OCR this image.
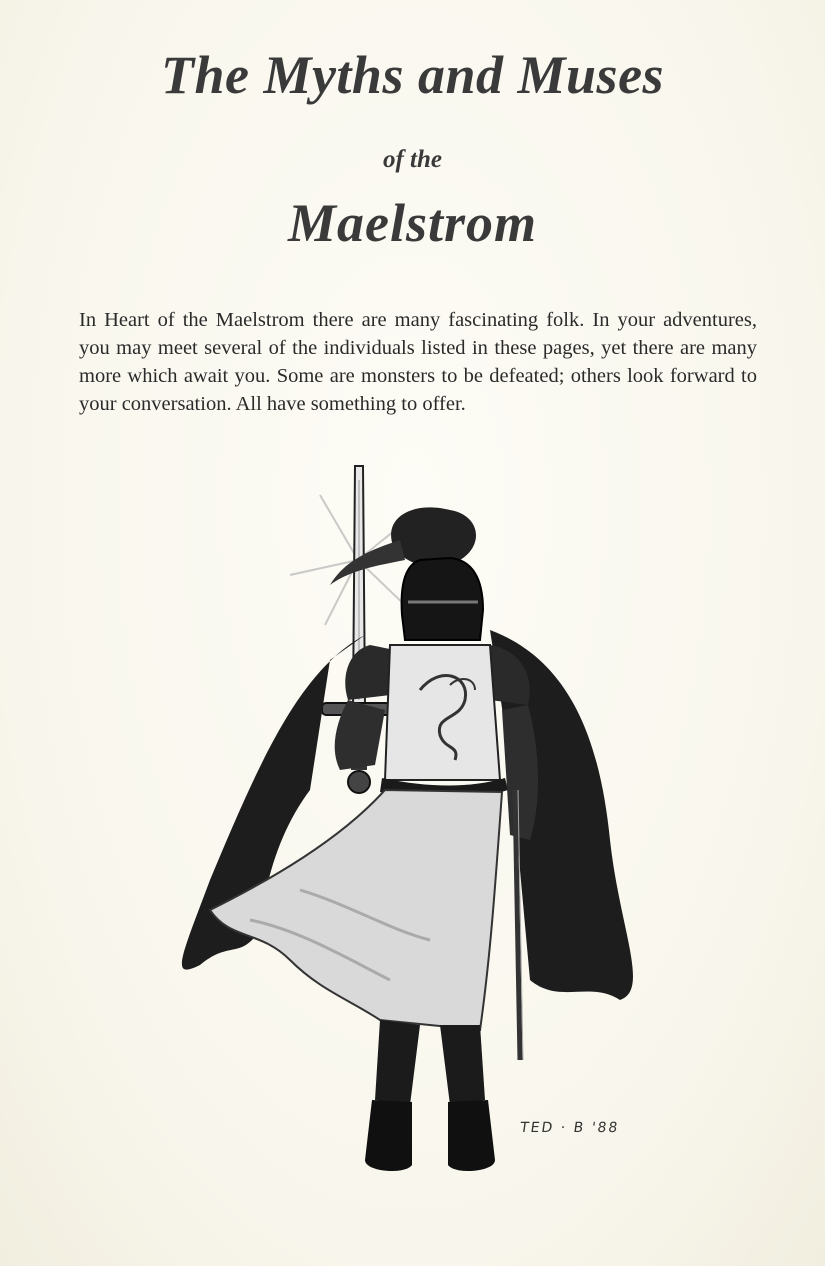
The Myths and Muses
of the
Maelstrom

In Heart of the Maelstrom there are many fascinating folk. In your adventures, you may meet several of the individuals listed in these pages, yet there are many more which await you. Some are monsters to be defeated; others look forward to your conversation. All have something to offer.

TED · B '88
